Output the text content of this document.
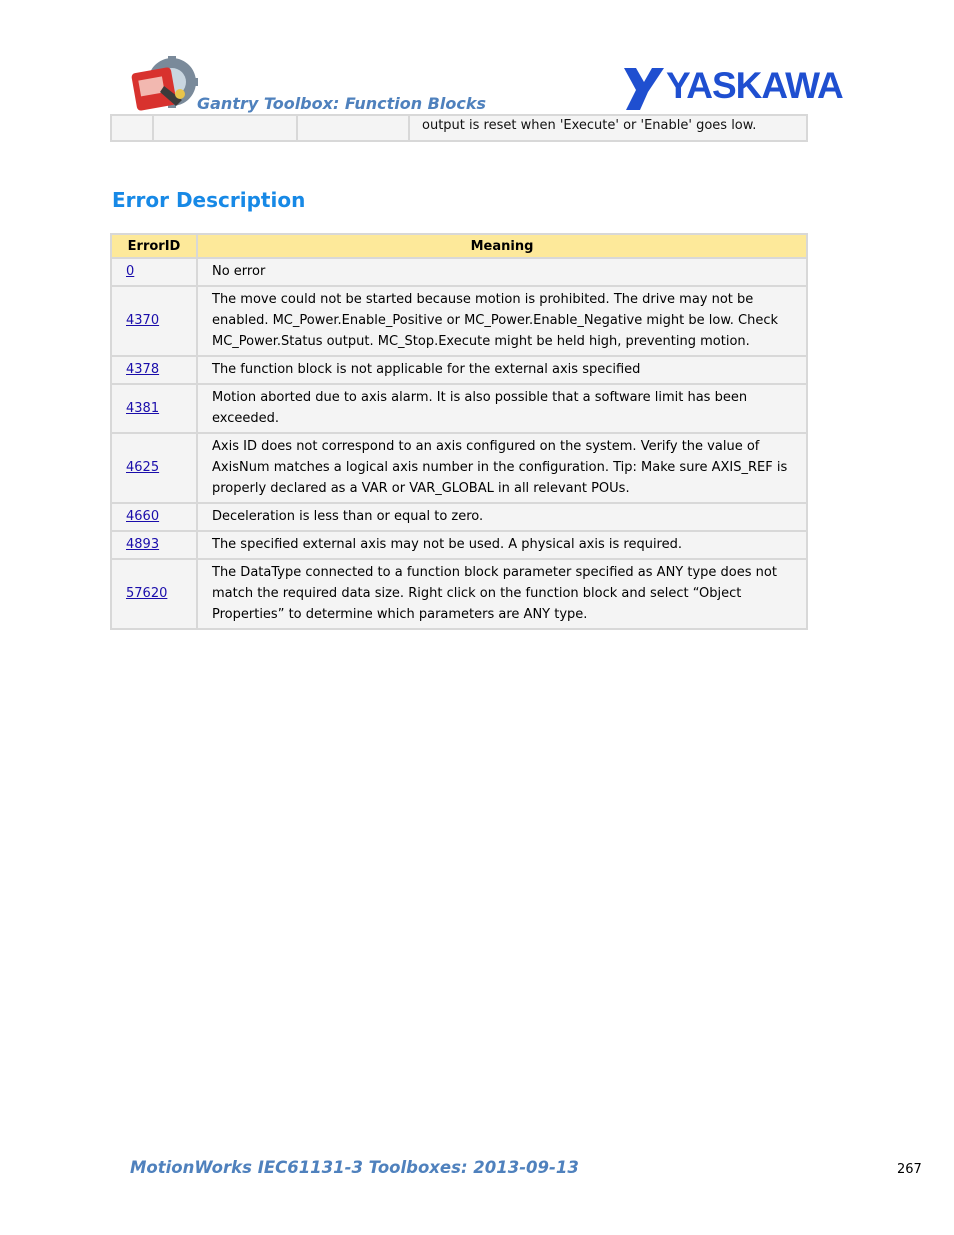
Gantry Toolbox: Function Blocks	YASKAWA
			output is reset when 'Execute' or 'Enable' goes low.
Error Description
ErrorID	Meaning
0	No error
4370	The move could not be started because motion is prohibited. The drive may not be enabled. MC_Power.Enable_Positive or MC_Power.Enable_Negative might be low. Check MC_Power.Status output. MC_Stop.Execute might be held high, preventing motion.
4378	The function block is not applicable for the external axis specified
4381	Motion aborted due to axis alarm. It is also possible that a software limit has been exceeded.
4625	Axis ID does not correspond to an axis configured on the system. Verify the value of AxisNum matches a logical axis number in the configuration. Tip: Make sure AXIS_REF is properly declared as a VAR or VAR_GLOBAL in all relevant POUs.
4660	Deceleration is less than or equal to zero.
4893	The specified external axis may not be used. A physical axis is required.
57620	The DataType connected to a function block parameter specified as ANY type does not match the required data size. Right click on the function block and select “Object Properties” to determine which parameters are ANY type.
MotionWorks IEC61131-3 Toolboxes: 2013-09-13	267
